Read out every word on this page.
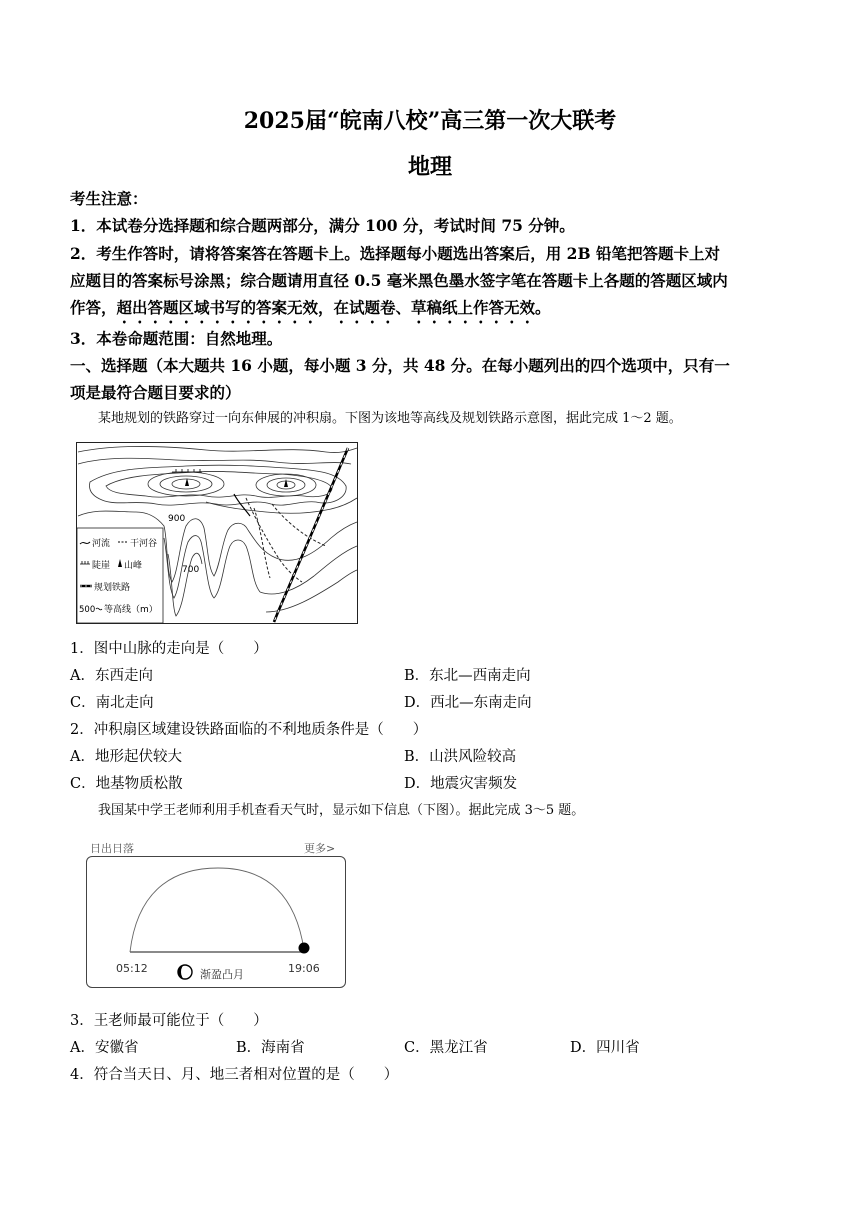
2025届“皖南八校”高三第一次大联考
地理
考生注意：
1．本试卷分选择题和综合题两部分，满分 100 分，考试时间 75 分钟。
2．考生作答时，请将答案答在答题卡上。选择题每小题选出答案后，用 2B 铅笔把答题卡上对
应题目的答案标号涂黑；综合题请用直径 0.5 毫米黑色墨水签字笔在答题卡上各题的答题区域内
作答，超出答题区域书写的答案无效，在试题卷、草稿纸上作答无效。
3．本卷命题范围：自然地理。
一、选择题（本大题共 16 小题，每小题 3 分，共 48 分。在每小题列出的四个选项中，只有一
项是最符合题目要求的）
某地规划的铁路穿过一向东伸展的冲积扇。下图为该地等高线及规划铁路示意图，据此完成 1～2 题。
900
700
河流 干河谷
陡崖 山峰
规划铁路
500 等高线（m）
1．图中山脉的走向是（　　）
A．东西走向	B．东北—西南走向
C．南北走向	D．西北—东南走向
2．冲积扇区域建设铁路面临的不利地质条件是（　　）
A．地形起伏较大	B．山洪风险较高
C．地基物质松散	D．地震灾害频发
我国某中学王老师利用手机查看天气时，显示如下信息（下图）。据此完成 3～5 题。
日出日落	更多>
05:12	渐盈凸月	19:06
3．王老师最可能位于（　　）
A．安徽省	B．海南省	C．黑龙江省	D．四川省
4．符合当天日、月、地三者相对位置的是（　　）
